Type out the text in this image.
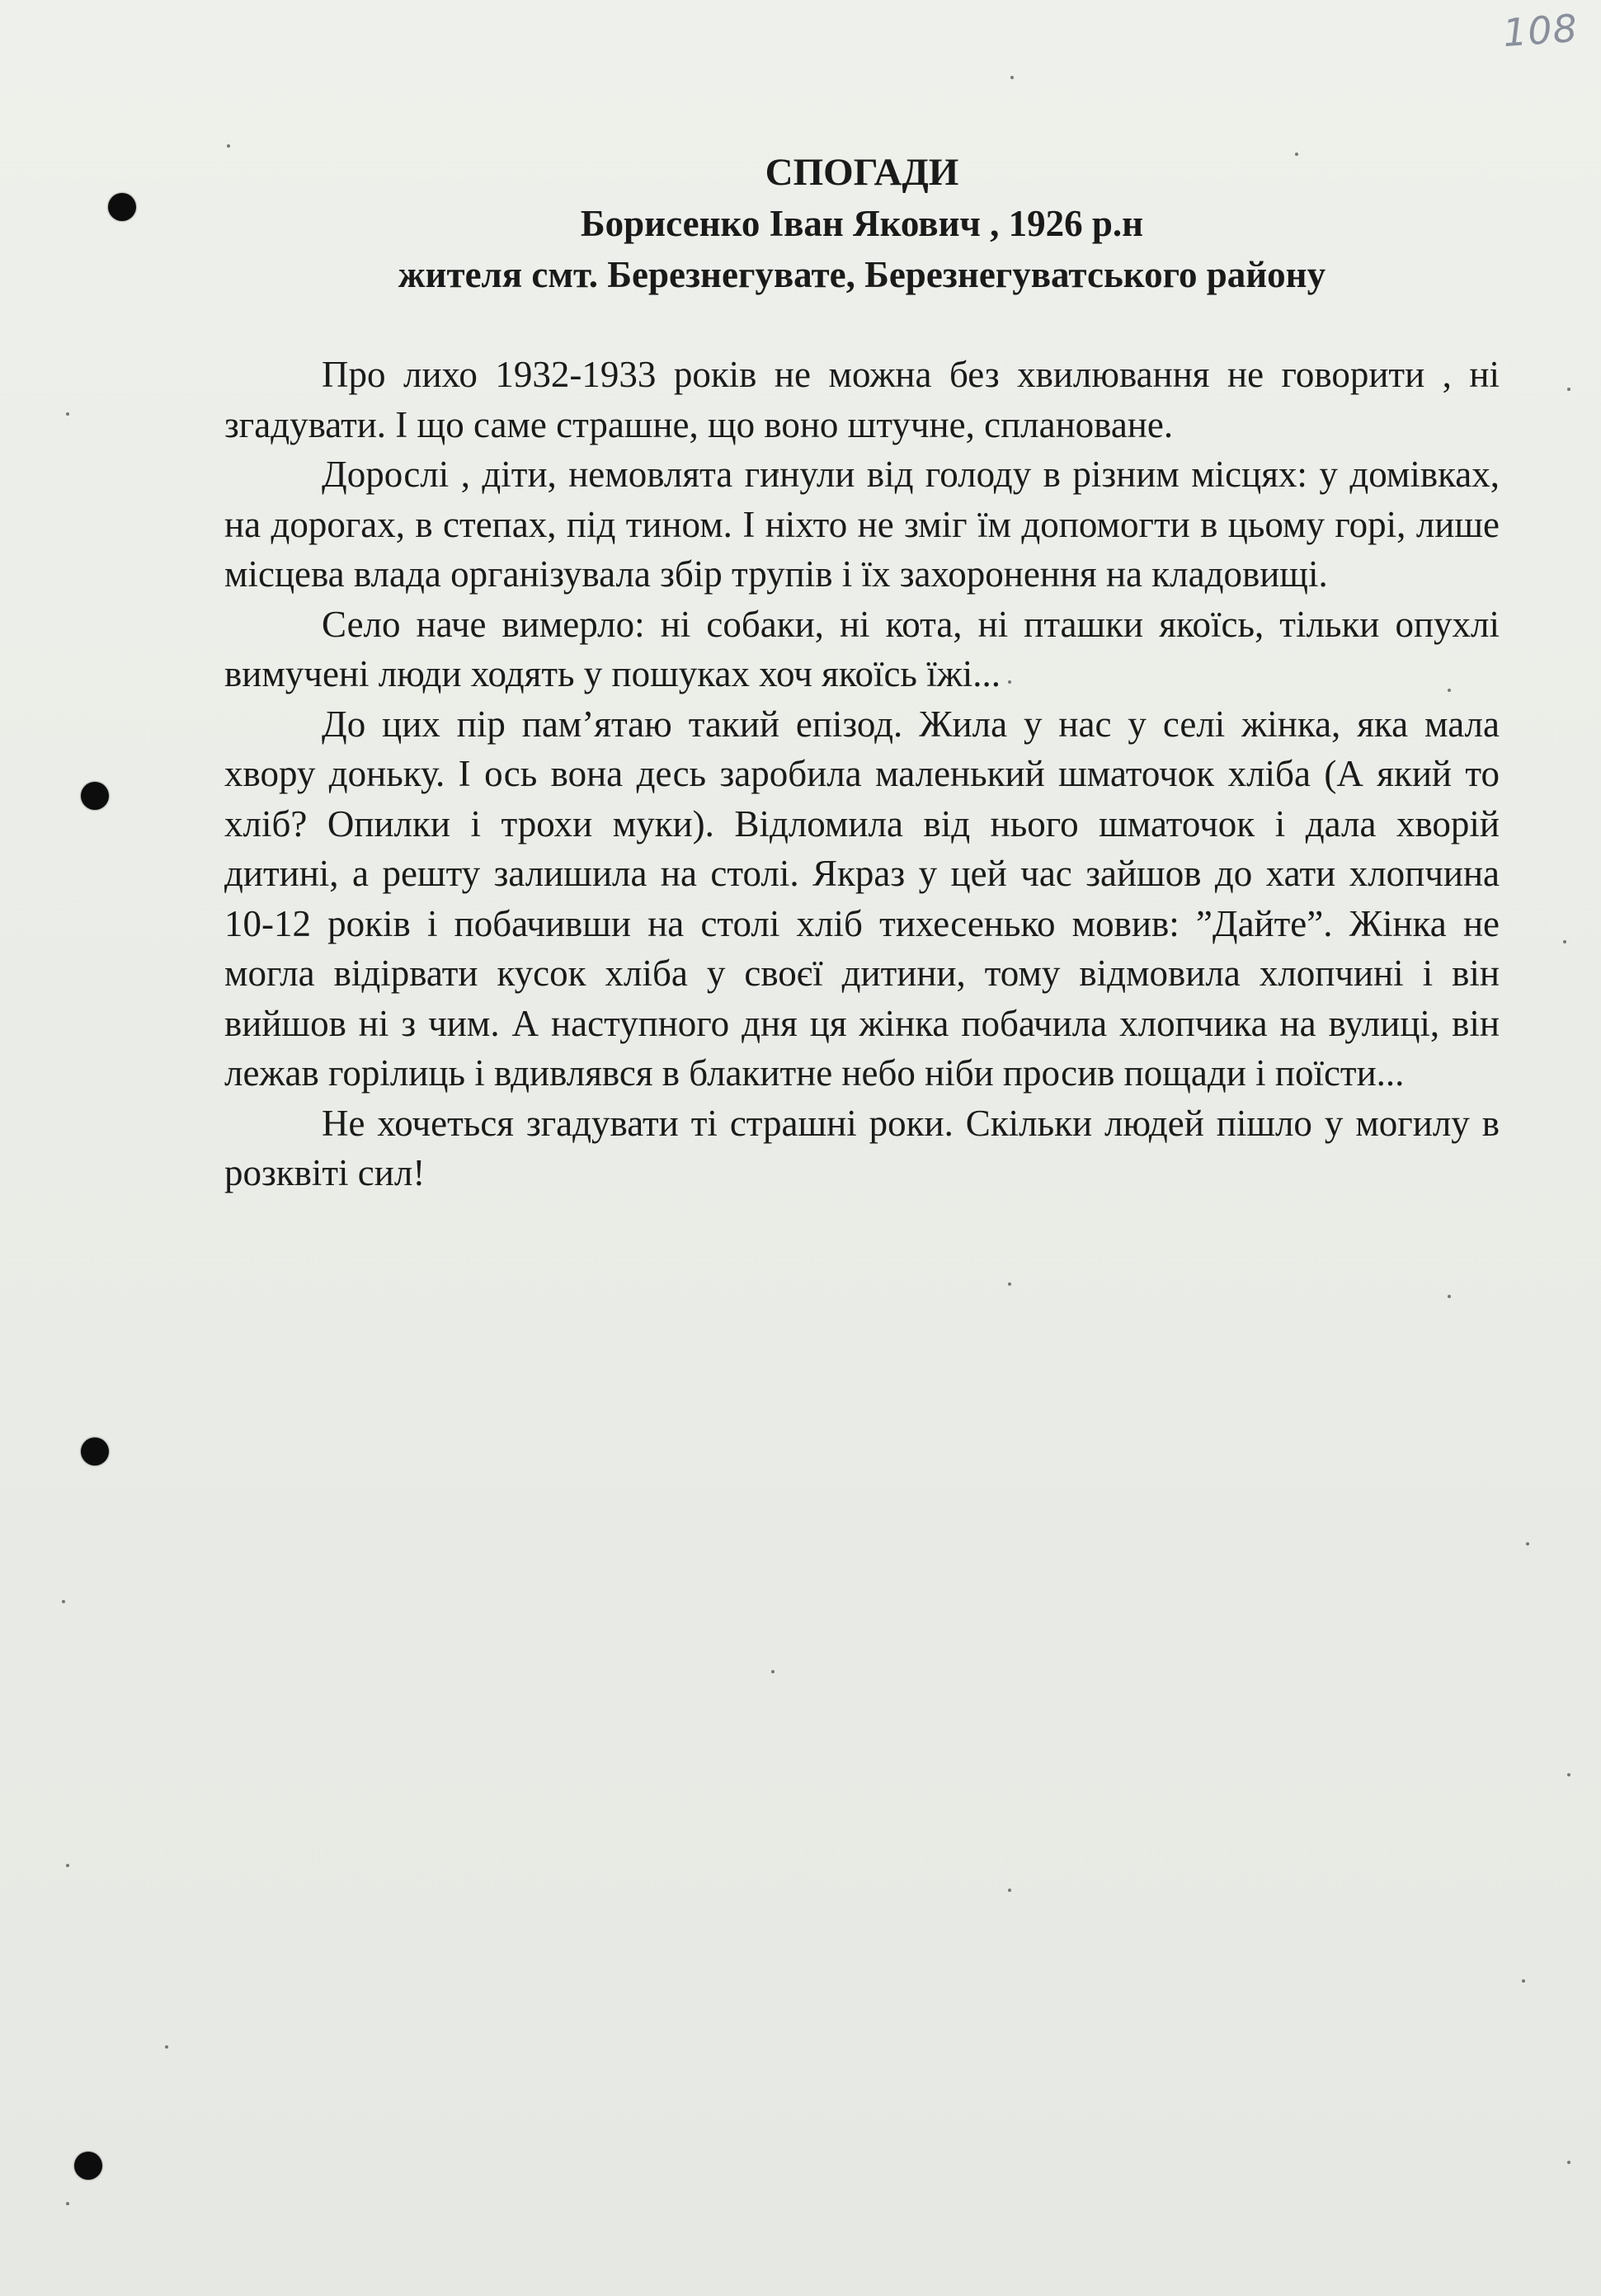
108
СПОГАДИ
Борисенко Іван Якович , 1926 р.н
жителя смт. Березнегувате, Березнегуватського району

Про лихо 1932-1933 років не можна без хвилювання не говорити , ні згадувати. І що саме страшне, що воно штучне, сплановане.

Дорослі , діти, немовлята гинули від голоду в різним місцях: у домівках, на дорогах, в степах, під тином. І ніхто не зміг їм допомогти в цьому горі, лише місцева влада організувала збір трупів і їх захоронення на кладовищі.

Село наче вимерло: ні собаки, ні кота, ні пташки якоїсь, тільки опухлі вимучені люди ходять у пошуках хоч якоїсь їжі...

До цих пір пам’ятаю такий епізод. Жила у нас у селі жінка, яка мала хвору доньку. І ось вона десь заробила маленький шматочок хліба (А який то хліб? Опилки і трохи муки). Відломила від нього шматочок і дала хворій дитині, а решту залишила на столі. Якраз у цей час зайшов до хати хлопчина 10-12 років і побачивши на столі хліб тихесенько мовив: ”Дайте”. Жінка не могла відірвати кусок хліба у своєї дитини, тому відмовила хлопчині і він вийшов ні з чим. А наступного дня ця жінка побачила хлопчика на вулиці, він лежав горілиць і вдивлявся в блакитне небо ніби просив пощади і поїсти...

Не хочеться згадувати ті страшні роки. Скільки людей пішло у могилу в розквіті сил!
